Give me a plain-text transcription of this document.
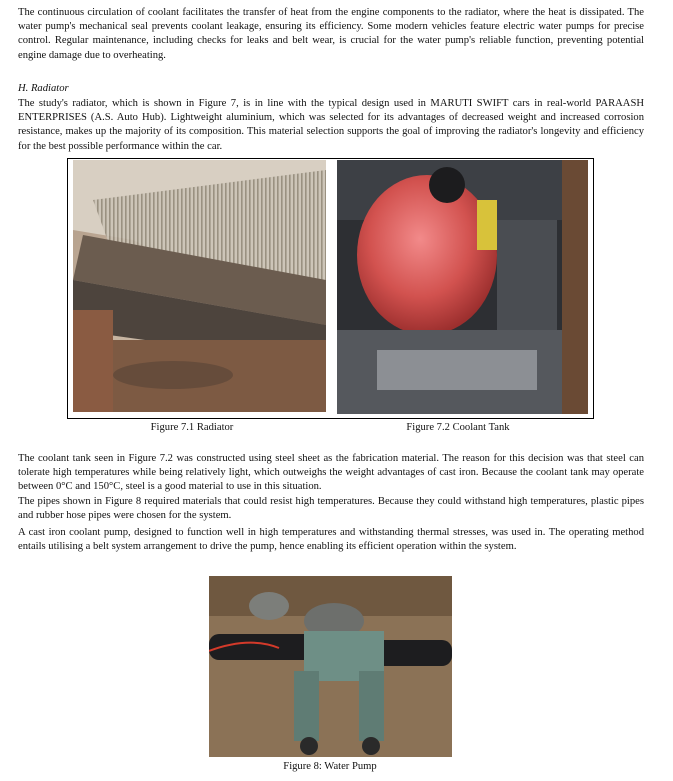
The continuous circulation of coolant facilitates the transfer of heat from the engine components to the radiator, where the heat is dissipated. The water pump's mechanical seal prevents coolant leakage, ensuring its efficiency. Some modern vehicles feature electric water pumps for precise control. Regular maintenance, including checks for leaks and belt wear, is crucial for the water pump's reliable function, preventing potential engine damage due to overheating.

H. Radiator

The study's radiator, which is shown in Figure 7, is in line with the typical design used in MARUTI SWIFT cars in real-world PARAASH ENTERPRISES (A.S. Auto Hub). Lightweight aluminium, which was selected for its advantages of decreased weight and increased corrosion resistance, makes up the majority of its composition. This material selection supports the goal of improving the radiator's longevity and efficiency for the best possible performance within the car.

Figure 7.1 Radiator	Figure 7.2 Coolant Tank

The coolant tank seen in Figure 7.2 was constructed using steel sheet as the fabrication material. The reason for this decision was that steel can tolerate high temperatures while being relatively light, which outweighs the weight advantages of cast iron. Because the coolant tank may operate between 0°C and 150°C, steel is a good material to use in this situation.

The pipes shown in Figure 8 required materials that could resist high temperatures. Because they could withstand high temperatures, plastic pipes and rubber hose pipes were chosen for the system.

A cast iron coolant pump, designed to function well in high temperatures and withstanding thermal stresses, was used in. The operating method entails utilising a belt system arrangement to drive the pump, hence enabling its efficient operation within the system.

Figure 8: Water Pump
